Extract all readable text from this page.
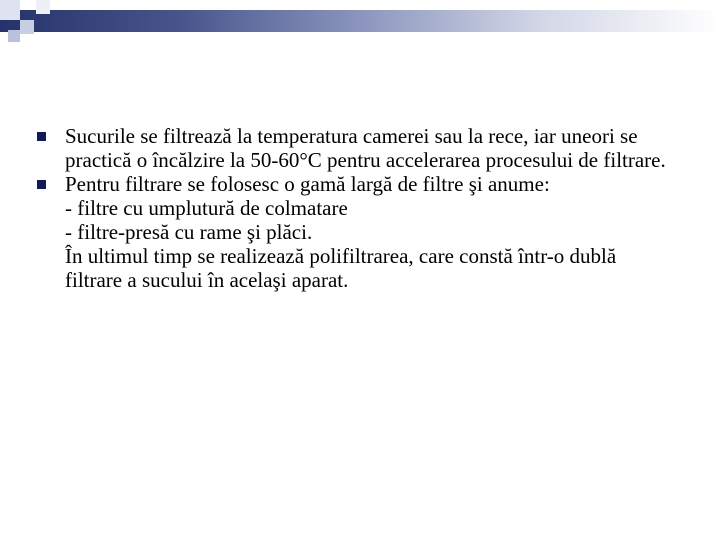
Sucurile se filtrează la temperatura camerei sau la rece, iar uneori se practică o încălzire la 50-60°C pentru accelerarea procesului de filtrare.

Pentru filtrare se folosesc o gamă largă de filtre şi anume:

- filtre cu umplutură de colmatare

- filtre-presă cu rame şi plăci.

În ultimul timp se realizează polifiltrarea, care constă într-o dublă filtrare a sucului în acelaşi aparat.
